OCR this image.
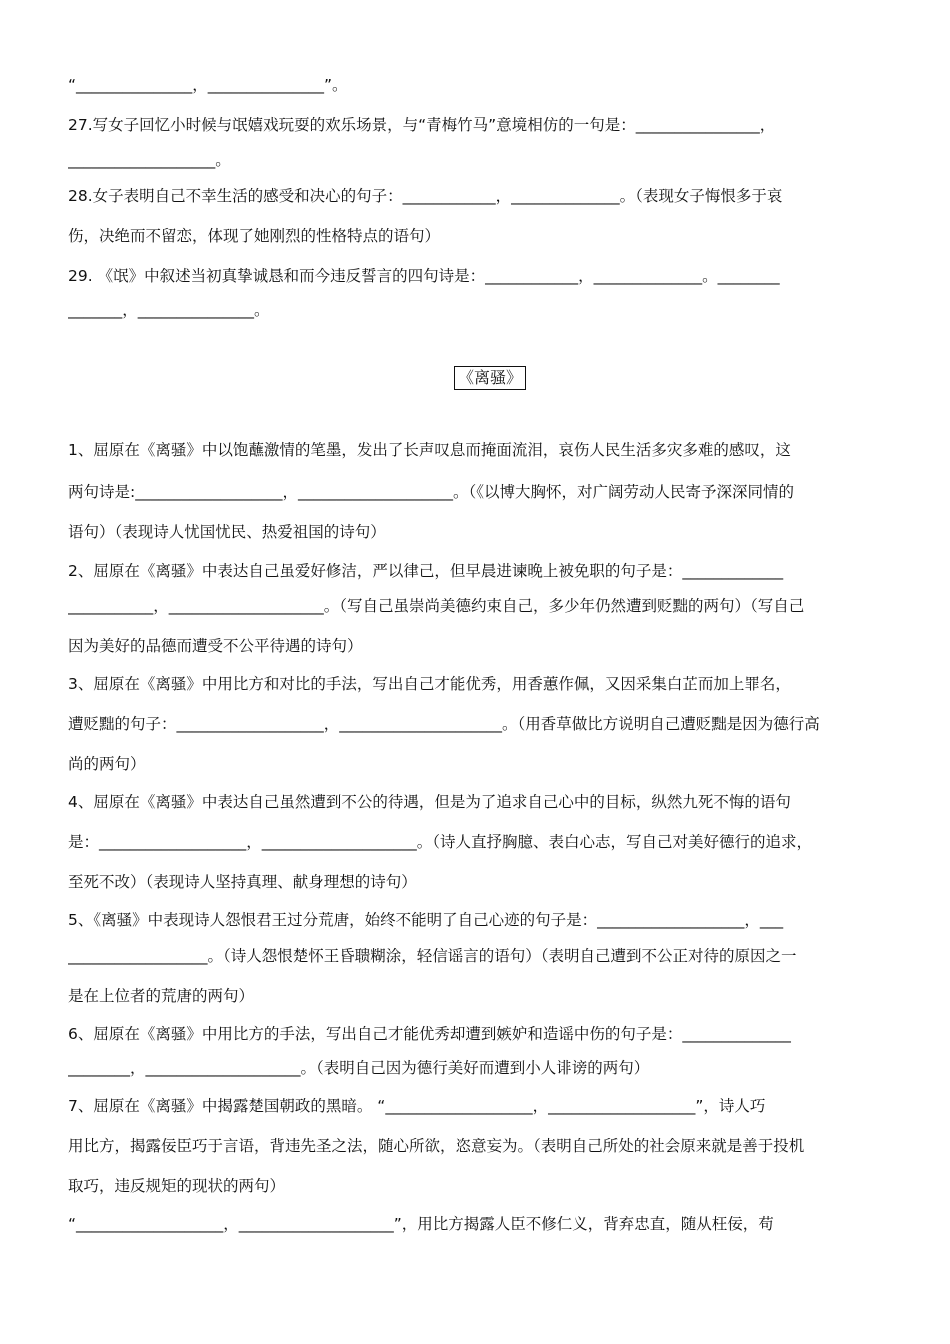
“_______________，_______________”。
27.写女子回忆小时候与氓嬉戏玩耍的欢乐场景，与“青梅竹马”意境相仿的一句是：________________，
___________________。
28.女子表明自己不幸生活的感受和决心的句子：____________，______________。（表现女子悔恨多于哀
伤，决绝而不留恋，体现了她刚烈的性格特点的语句）
29. 《氓》中叙述当初真挚诚恳和而今违反誓言的四句诗是：____________，______________。________
_______，_______________。
《离骚》
1、屈原在《离骚》中以饱蘸激情的笔墨，发出了长声叹息而掩面流泪，哀伤人民生活多灾多难的感叹，这
两句诗是:___________________，____________________。（《以博大胸怀，对广阔劳动人民寄予深深同情的
语句）（表现诗人忧国忧民、热爱祖国的诗句）
2、屈原在《离骚》中表达自己虽爱好修洁，严以律己，但早晨进谏晚上被免职的句子是：_____________
___________，____________________。（写自己虽崇尚美德约束自己，多少年仍然遭到贬黜的两句）（写自己
因为美好的品德而遭受不公平待遇的诗句）
3、屈原在《离骚》中用比方和对比的手法，写出自己才能优秀，用香蕙作佩，又因采集白芷而加上罪名，
遭贬黜的句子：___________________，_____________________。（用香草做比方说明自己遭贬黜是因为德行高
尚的两句）
4、屈原在《离骚》中表达自己虽然遭到不公的待遇，但是为了追求自己心中的目标，纵然九死不悔的语句
是：___________________，____________________。（诗人直抒胸臆、表白心志，写自己对美好德行的追求，
至死不改）（表现诗人坚持真理、献身理想的诗句）
5、《离骚》中表现诗人怨恨君王过分荒唐，始终不能明了自己心迹的句子是：___________________，___
__________________。（诗人怨恨楚怀王昏聩糊涂，轻信谣言的语句）（表明自己遭到不公正对待的原因之一
是在上位者的荒唐的两句）
6、屈原在《离骚》中用比方的手法，写出自己才能优秀却遭到嫉妒和造谣中伤的句子是：______________
________，____________________。（表明自己因为德行美好而遭到小人诽谤的两句）
7、屈原在《离骚》中揭露楚国朝政的黑暗。 “___________________，___________________”，诗人巧
用比方，揭露佞臣巧于言语，背违先圣之法，随心所欲，恣意妄为。（表明自己所处的社会原来就是善于投机
取巧，违反规矩的现状的两句）
“___________________，____________________”，用比方揭露人臣不修仁义，背弃忠直，随从枉佞，苟
